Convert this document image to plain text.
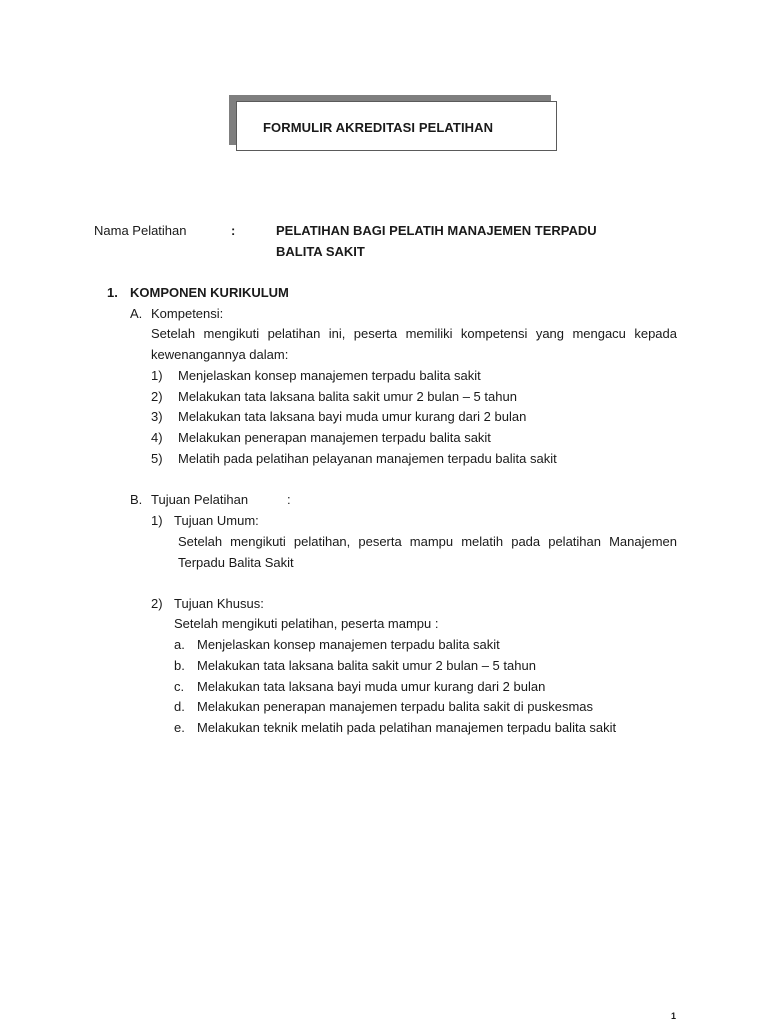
FORMULIR AKREDITASI PELATIHAN
Nama Pelatihan	:	PELATIHAN BAGI PELATIH MANAJEMEN TERPADU
BALITA SAKIT
1. KOMPONEN KURIKULUM
A. Kompetensi:
Setelah mengikuti pelatihan ini, peserta memiliki kompetensi yang mengacu kepada
kewenangannya dalam:
1) Menjelaskan konsep manajemen terpadu balita sakit
2) Melakukan tata laksana balita sakit umur 2 bulan – 5 tahun
3) Melakukan tata laksana bayi muda umur kurang dari 2 bulan
4) Melakukan penerapan manajemen terpadu balita sakit
5) Melatih pada pelatihan pelayanan manajemen terpadu balita sakit
B. Tujuan Pelatihan	:
1) Tujuan Umum:
Setelah mengikuti pelatihan, peserta mampu melatih pada pelatihan Manajemen
Terpadu Balita Sakit
2) Tujuan Khusus:
Setelah mengikuti pelatihan, peserta mampu :
a. Menjelaskan konsep manajemen terpadu balita sakit
b. Melakukan tata laksana balita sakit umur 2 bulan – 5 tahun
c. Melakukan tata laksana bayi muda umur kurang dari 2 bulan
d. Melakukan penerapan manajemen terpadu balita sakit di puskesmas
e. Melakukan teknik melatih pada pelatihan manajemen terpadu balita sakit
1
